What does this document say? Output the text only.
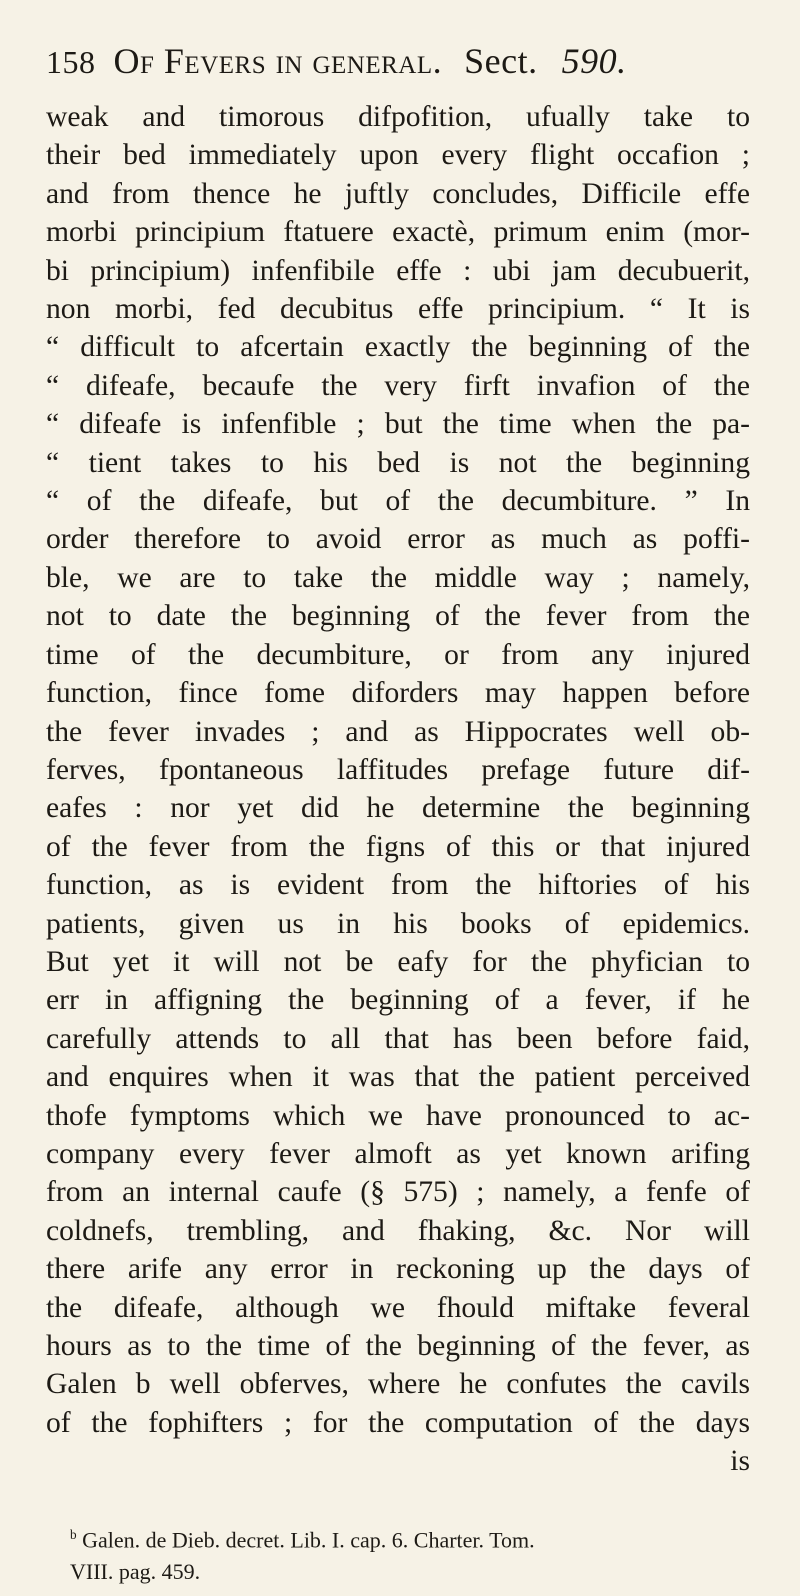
158 Of Fevers in general. Sect. 590.
weak and timorous difpofition, ufually take to
their bed immediately upon every flight occafion ;
and from thence he juftly concludes, Difficile effe
morbi principium ftatuere exactè, primum enim (mor-
bi principium) infenfibile effe : ubi jam decubuerit,
non morbi, fed decubitus effe principium. “ It is
“ difficult to afcertain exactly the beginning of the
“ difeafe, becaufe the very firft invafion of the
“ difeafe is infenfible ; but the time when the pa-
“ tient takes to his bed is not the beginning
“ of the difeafe, but of the decumbiture. ” In
order therefore to avoid error as much as poffi-
ble, we are to take the middle way ; namely,
not to date the beginning of the fever from the
time of the decumbiture, or from any injured
function, fince fome diforders may happen before
the fever invades ; and as Hippocrates well ob-
ferves, fpontaneous laffitudes prefage future dif-
eafes : nor yet did he determine the beginning
of the fever from the figns of this or that injured
function, as is evident from the hiftories of his
patients, given us in his books of epidemics.
But yet it will not be eafy for the phyfician to
err in affigning the beginning of a fever, if he
carefully attends to all that has been before faid,
and enquires when it was that the patient perceived
thofe fymptoms which we have pronounced to ac-
company every fever almoft as yet known arifing
from an internal caufe (§ 575) ; namely, a fenfe of
coldnefs, trembling, and fhaking, &c. Nor will
there arife any error in reckoning up the days of
the difeafe, although we fhould miftake feveral
hours as to the time of the beginning of the fever, as
Galen b well obferves, where he confutes the cavils
of the fophifters ; for the computation of the days
is
$^b$ Galen. de Dieb. decret. Lib. I. cap. 6. Charter. Tom.
VIII. pag. 459.
